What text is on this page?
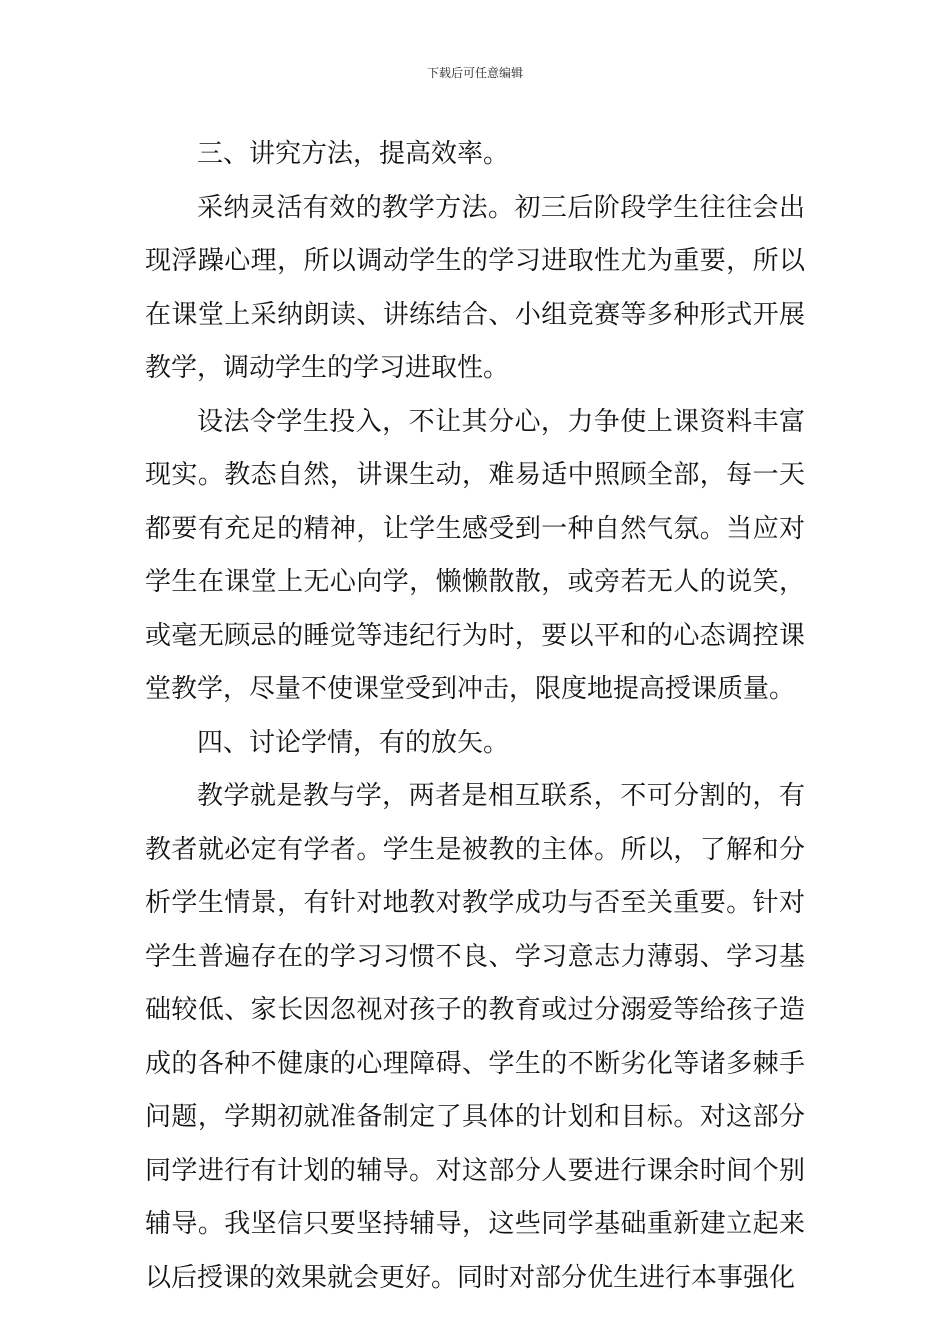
下载后可任意编辑

三、讲究方法，提高效率。

采纳灵活有效的教学方法。初三后阶段学生往往会出现浮躁心理，所以调动学生的学习进取性尤为重要，所以在课堂上采纳朗读、讲练结合、小组竞赛等多种形式开展教学，调动学生的学习进取性。

设法令学生投入，不让其分心，力争使上课资料丰富现实。教态自然，讲课生动，难易适中照顾全部，每一天都要有充足的精神，让学生感受到一种自然气氛。当应对学生在课堂上无心向学，懒懒散散，或旁若无人的说笑，或毫无顾忌的睡觉等违纪行为时，要以平和的心态调控课堂教学，尽量不使课堂受到冲击，限度地提高授课质量。

四、讨论学情，有的放矢。

教学就是教与学，两者是相互联系，不可分割的，有教者就必定有学者。学生是被教的主体。所以，了解和分析学生情景，有针对地教对教学成功与否至关重要。针对学生普遍存在的学习习惯不良、学习意志力薄弱、学习基础较低、家长因忽视对孩子的教育或过分溺爱等给孩子造成的各种不健康的心理障碍、学生的不断劣化等诸多棘手问题，学期初就准备制定了具体的计划和目标。对这部分同学进行有计划的辅导。对这部分人要进行课余时间个别辅导。我坚信只要坚持辅导，这些同学基础重新建立起来以后授课的效果就会更好。同时对部分优生进行本事强化
